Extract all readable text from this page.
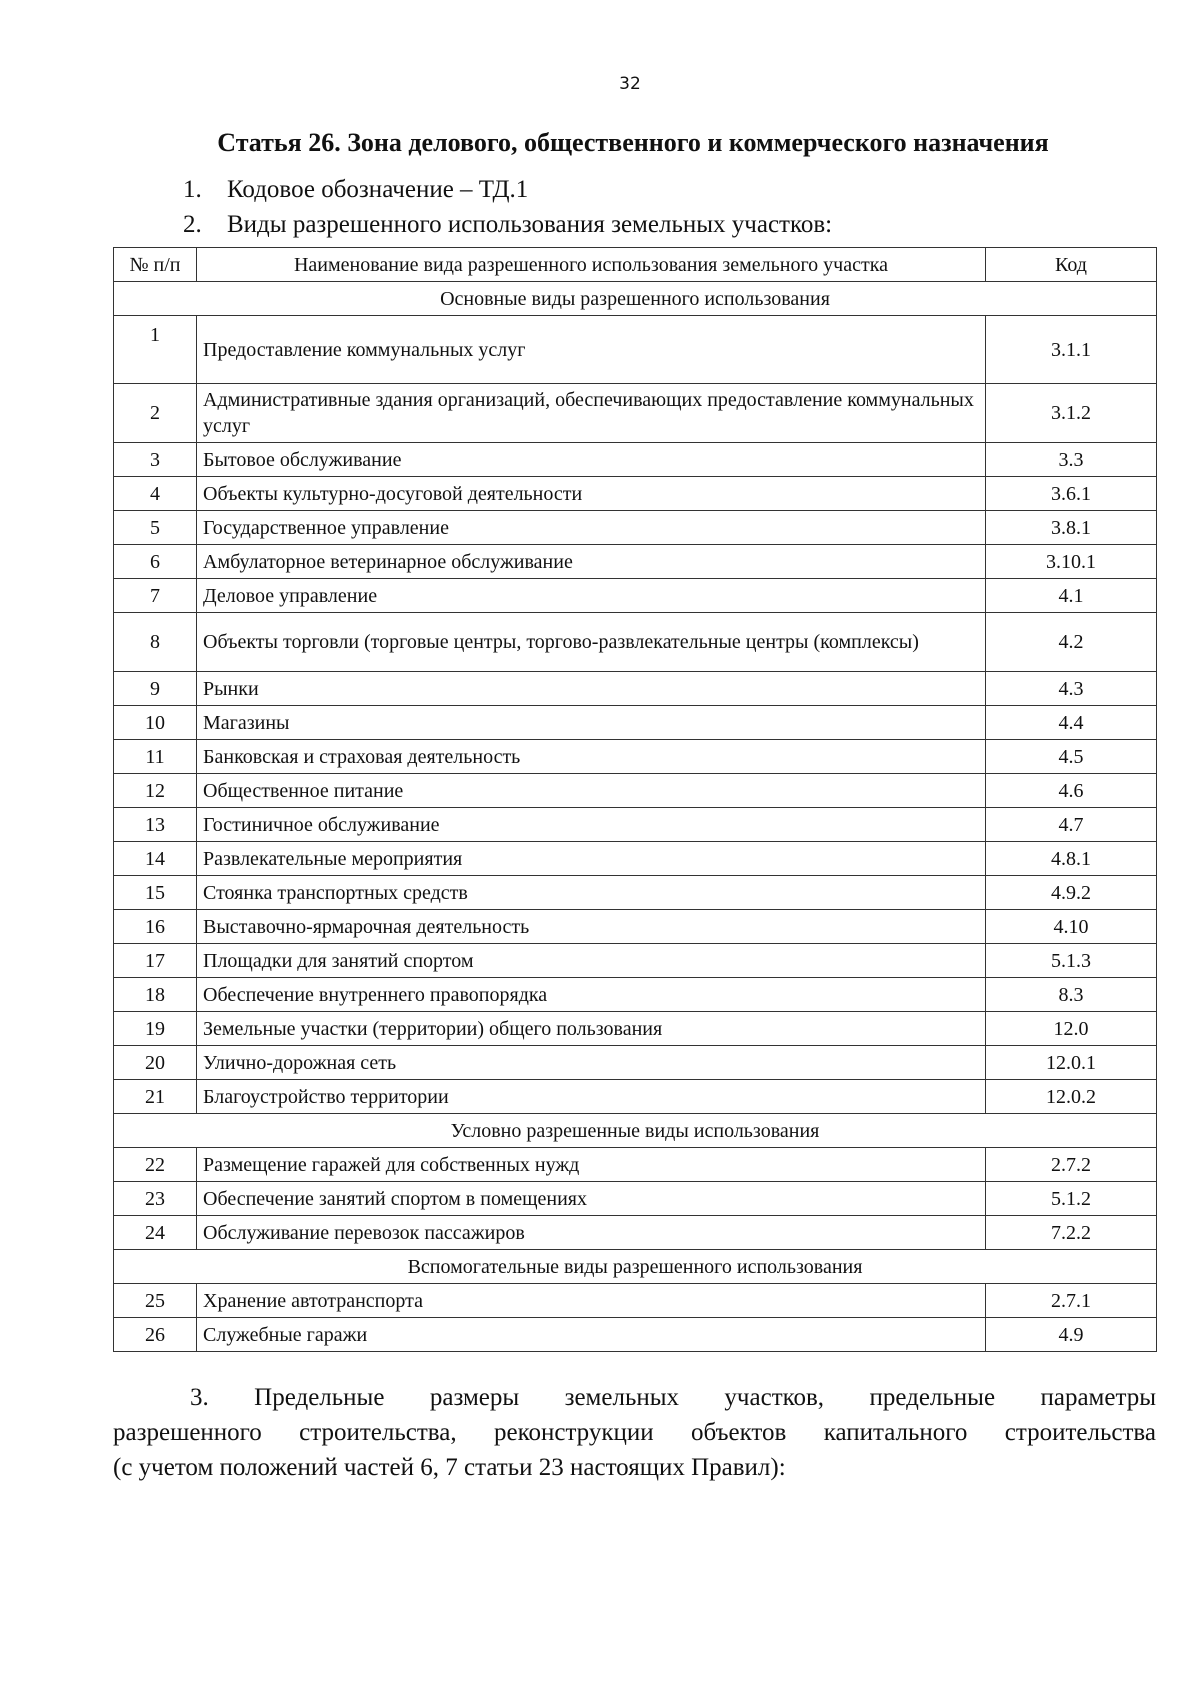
32
Статья 26. Зона делового, общественного и коммерческого назначения
1. Кодовое обозначение – ТД.1
2. Виды разрешенного использования земельных участков:
№ п/п	Наименование вида разрешенного использования земельного участка	Код
Основные виды разрешенного использования		
1	Предоставление коммунальных услуг	3.1.1
2	Административные здания организаций, обеспечивающих предоставление коммунальных услуг	3.1.2
3	Бытовое обслуживание	3.3
4	Объекты культурно-досуговой деятельности	3.6.1
5	Государственное управление	3.8.1
6	Амбулаторное ветеринарное обслуживание	3.10.1
7	Деловое управление	4.1
8	Объекты торговли (торговые центры, торгово-развлекательные центры (комплексы)	4.2
9	Рынки	4.3
10	Магазины	4.4
11	Банковская и страховая деятельность	4.5
12	Общественное питание	4.6
13	Гостиничное обслуживание	4.7
14	Развлекательные мероприятия	4.8.1
15	Стоянка транспортных средств	4.9.2
16	Выставочно-ярмарочная деятельность	4.10
17	Площадки для занятий спортом	5.1.3
18	Обеспечение внутреннего правопорядка	8.3
19	Земельные участки (территории) общего пользования	12.0
20	Улично-дорожная сеть	12.0.1
21	Благоустройство территории	12.0.2
Условно разрешенные виды использования		
22	Размещение гаражей для собственных нужд	2.7.2
23	Обеспечение занятий спортом в помещениях	5.1.2
24	Обслуживание перевозок пассажиров	7.2.2
Вспомогательные виды разрешенного использования		
25	Хранение автотранспорта	2.7.1
26	Служебные гаражи	4.9
3. Предельные размеры земельных участков, предельные параметры
разрешенного строительства, реконструкции объектов капитального строительства
(с учетом положений частей 6, 7 статьи 23 настоящих Правил):
